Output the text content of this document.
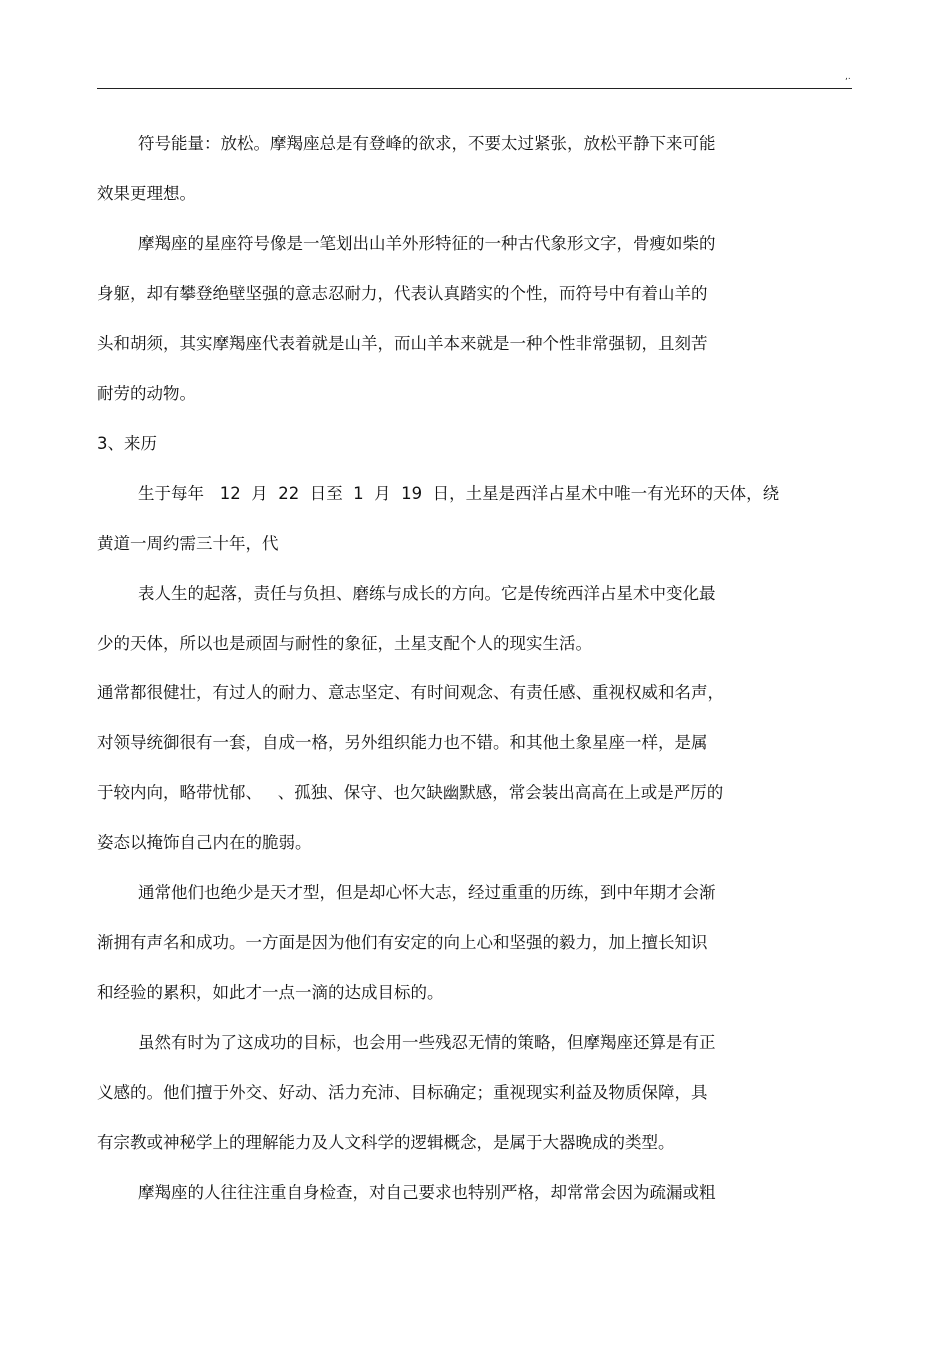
,.
符号能量：放松。摩羯座总是有登峰的欲求，不要太过紧张，放松平静下来可能
效果更理想。
摩羯座的星座符号像是一笔划出山羊外形特征的一种古代象形文字，骨瘦如柴的
身躯，却有攀登绝壁坚强的意志忍耐力，代表认真踏实的个性，而符号中有着山羊的
头和胡须，其实摩羯座代表着就是山羊，而山羊本来就是一种个性非常强韧，且刻苦
耐劳的动物。
3、来历
生于每年   12  月  22  日至  1  月  19  日，土星是西洋占星术中唯一有光环的天体，绕
黄道一周约需三十年，代
表人生的起落，责任与负担、磨练与成长的方向。它是传统西洋占星术中变化最
少的天体，所以也是顽固与耐性的象征，土星支配个人的现实生活。
通常都很健壮，有过人的耐力、意志坚定、有时间观念、有责任感、重视权威和名声，
对领导统御很有一套，自成一格，另外组织能力也不错。和其他土象星座一样，是属
于较内向，略带忧郁、   、孤独、保守、也欠缺幽默感，常会装出高高在上或是严厉的
姿态以掩饰自己内在的脆弱。
通常他们也绝少是天才型，但是却心怀大志，经过重重的历练，到中年期才会渐
渐拥有声名和成功。一方面是因为他们有安定的向上心和坚强的毅力，加上擅长知识
和经验的累积，如此才一点一滴的达成目标的。
虽然有时为了这成功的目标，也会用一些残忍无情的策略，但摩羯座还算是有正
义感的。他们擅于外交、好动、活力充沛、目标确定；重视现实利益及物质保障，具
有宗教或神秘学上的理解能力及人文科学的逻辑概念，是属于大器晚成的类型。
摩羯座的人往往注重自身检查，对自己要求也特别严格，却常常会因为疏漏或粗
